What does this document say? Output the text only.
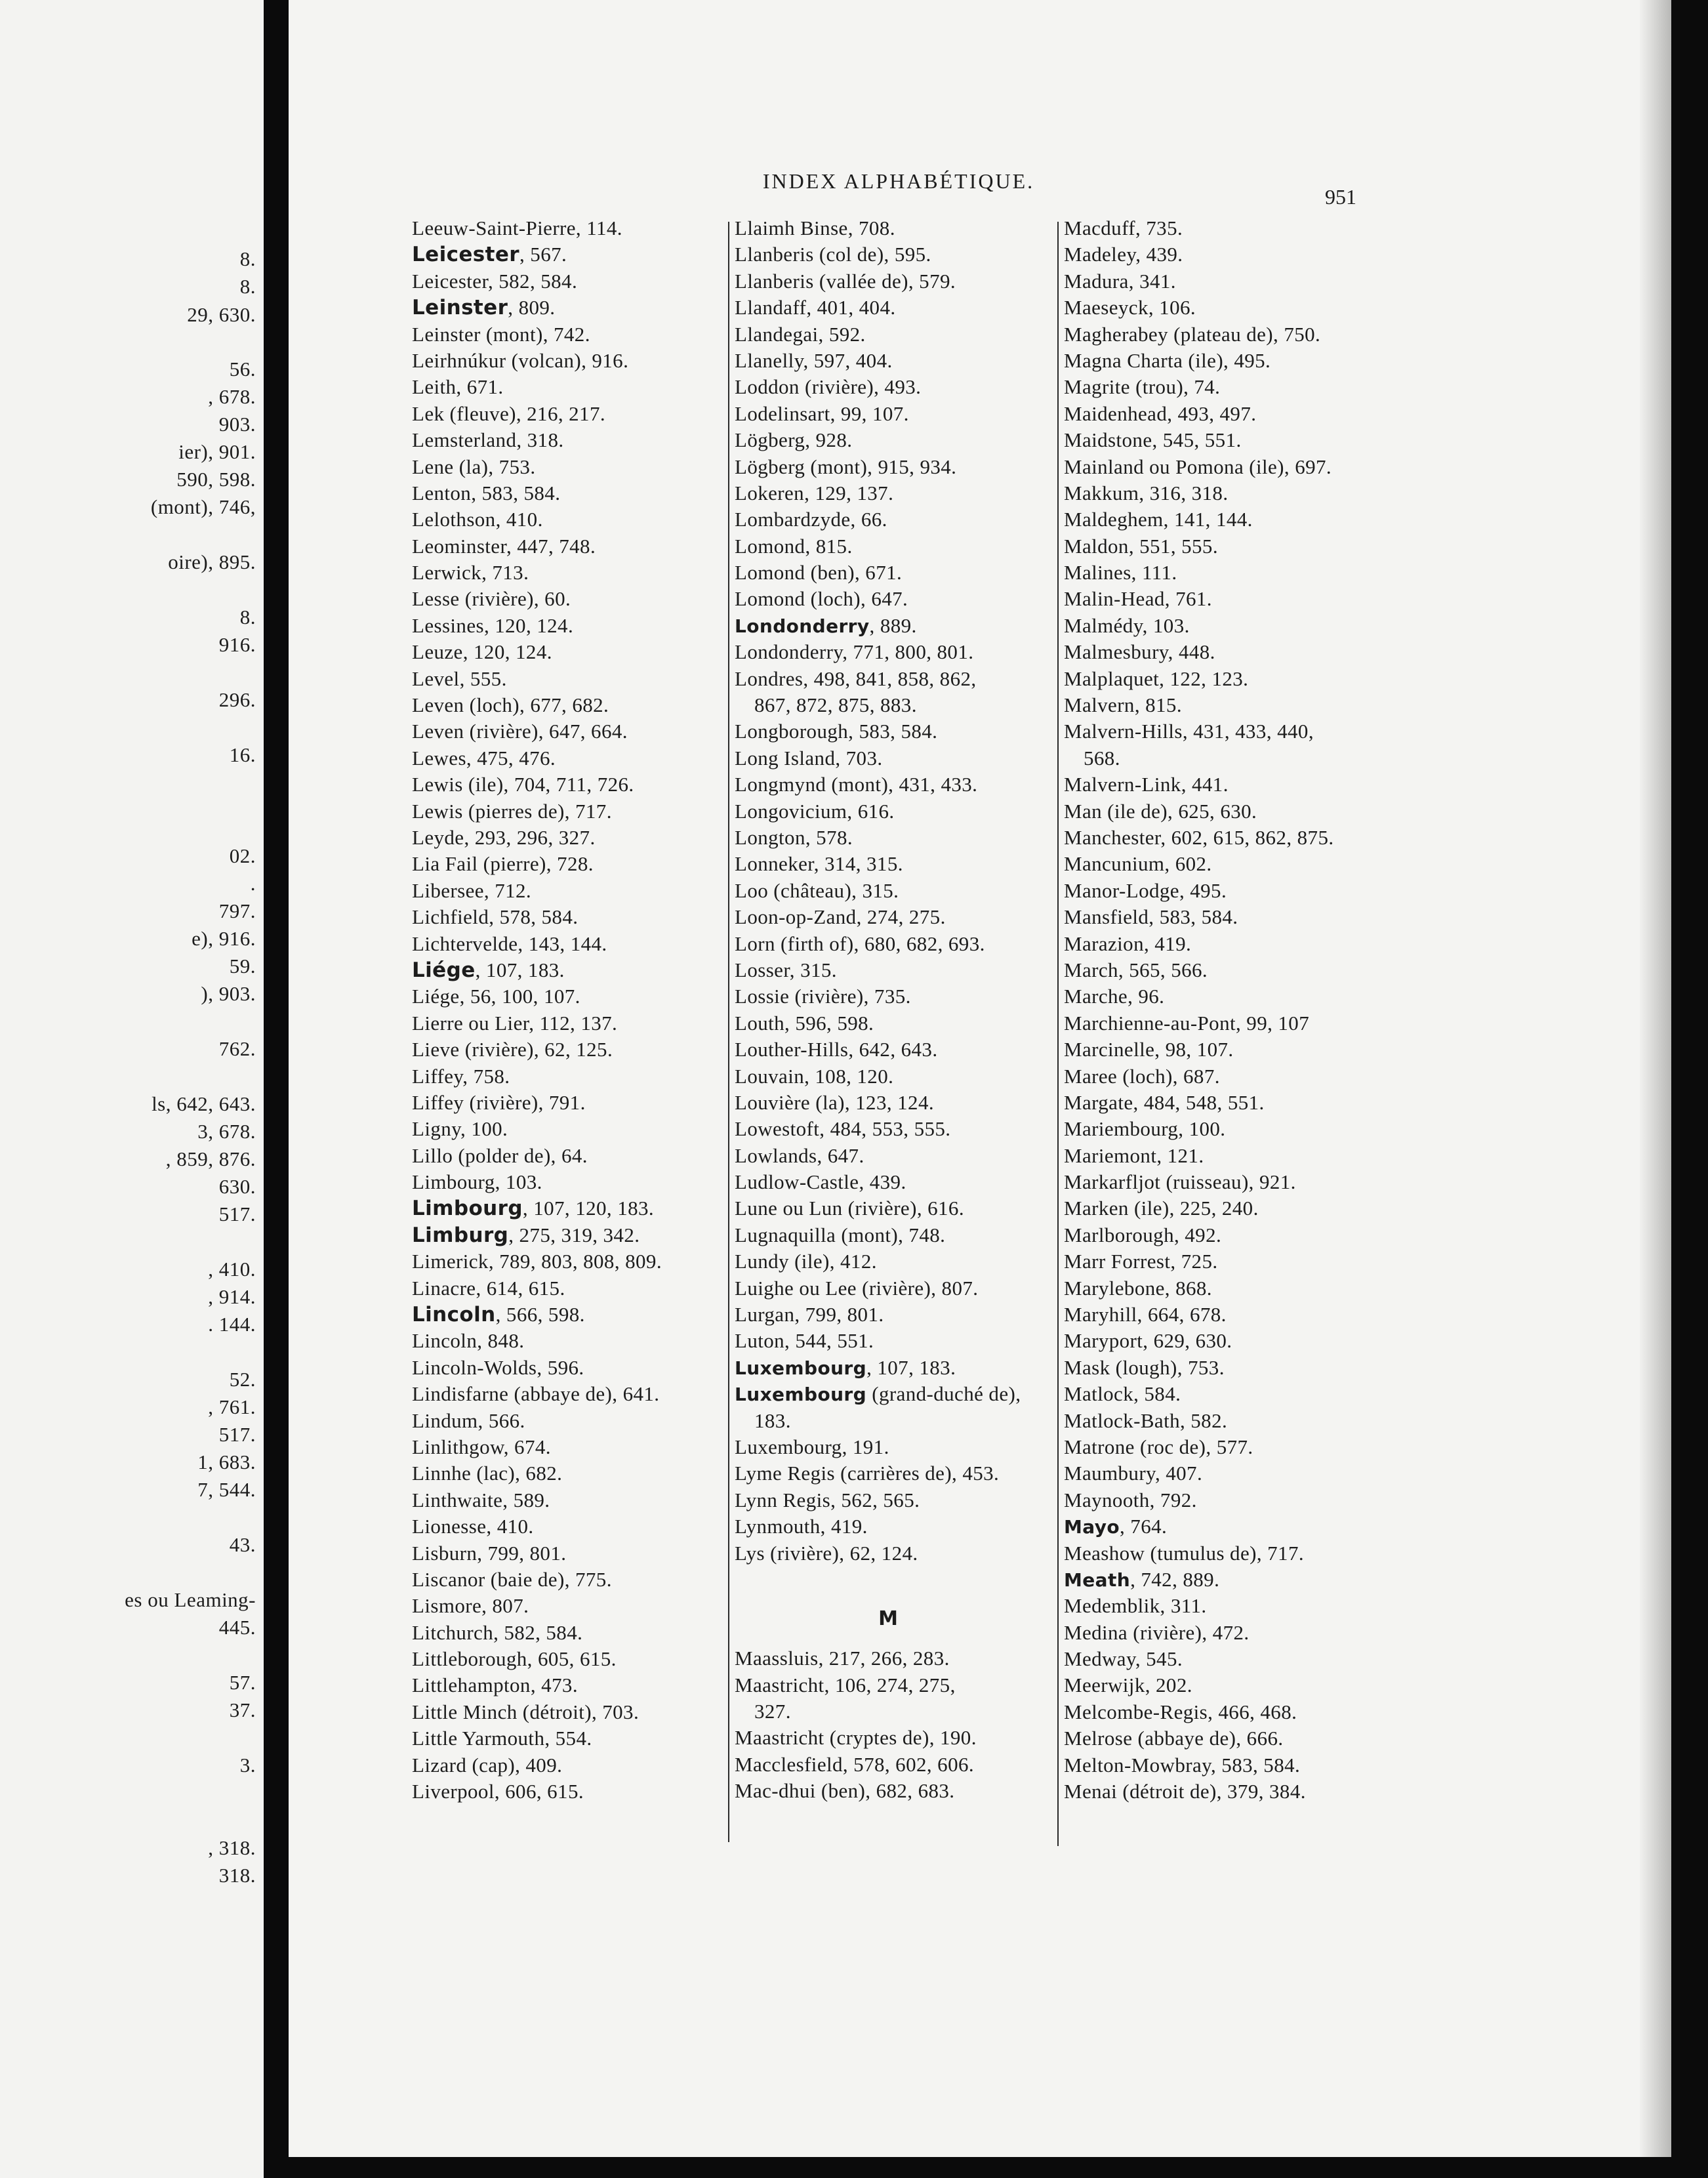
8.
8.
29, 630.
56.
, 678.
903.
ier), 901.
590, 598.
(mont), 746,
oire), 895.
8.
916.
296.
16.
02.
.
797.
e), 916.
59.
), 903.
762.
ls, 642, 643.
3, 678.
, 859, 876.
630.
517.
, 410.
, 914.
. 144.
52.
, 761.
517.
1, 683.
7, 544.
43.
es ou Leaming-
445.
57.
37.
3.
, 318.
318.
INDEX ALPHABÉTIQUE.
951
Leeuw-Saint-Pierre, 114.
Leicester, 567.
Leicester, 582, 584.
Leinster, 809.
Leinster (mont), 742.
Leirhnúkur (volcan), 916.
Leith, 671.
Lek (fleuve), 216, 217.
Lemsterland, 318.
Lene (la), 753.
Lenton, 583, 584.
Lelothson, 410.
Leominster, 447, 748.
Lerwick, 713.
Lesse (rivière), 60.
Lessines, 120, 124.
Leuze, 120, 124.
Level, 555.
Leven (loch), 677, 682.
Leven (rivière), 647, 664.
Lewes, 475, 476.
Lewis (ile), 704, 711, 726.
Lewis (pierres de), 717.
Leyde, 293, 296, 327.
Lia Fail (pierre), 728.
Libersee, 712.
Lichfield, 578, 584.
Lichtervelde, 143, 144.
Liége, 107, 183.
Liége, 56, 100, 107.
Lierre ou Lier, 112, 137.
Lieve (rivière), 62, 125.
Liffey, 758.
Liffey (rivière), 791.
Ligny, 100.
Lillo (polder de), 64.
Limbourg, 103.
Limbourg, 107, 120, 183.
Limburg, 275, 319, 342.
Limerick, 789, 803, 808, 809.
Linacre, 614, 615.
Lincoln, 566, 598.
Lincoln, 848.
Lincoln-Wolds, 596.
Lindisfarne (abbaye de), 641.
Lindum, 566.
Linlithgow, 674.
Linnhe (lac), 682.
Linthwaite, 589.
Lionesse, 410.
Lisburn, 799, 801.
Liscanor (baie de), 775.
Lismore, 807.
Litchurch, 582, 584.
Littleborough, 605, 615.
Littlehampton, 473.
Little Minch (détroit), 703.
Little Yarmouth, 554.
Lizard (cap), 409.
Liverpool, 606, 615.
Llaimh Binse, 708.
Llanberis (col de), 595.
Llanberis (vallée de), 579.
Llandaff, 401, 404.
Llandegai, 592.
Llanelly, 597, 404.
Loddon (rivière), 493.
Lodelinsart, 99, 107.
Lögberg, 928.
Lögberg (mont), 915, 934.
Lokeren, 129, 137.
Lombardzyde, 66.
Lomond, 815.
Lomond (ben), 671.
Lomond (loch), 647.
Londonderry, 889.
Londonderry, 771, 800, 801.
Londres, 498, 841, 858, 862,
867, 872, 875, 883.
Longborough, 583, 584.
Long Island, 703.
Longmynd (mont), 431, 433.
Longovicium, 616.
Longton, 578.
Lonneker, 314, 315.
Loo (château), 315.
Loon-op-Zand, 274, 275.
Lorn (firth of), 680, 682, 693.
Losser, 315.
Lossie (rivière), 735.
Louth, 596, 598.
Louther-Hills, 642, 643.
Louvain, 108, 120.
Louvière (la), 123, 124.
Lowestoft, 484, 553, 555.
Lowlands, 647.
Ludlow-Castle, 439.
Lune ou Lun (rivière), 616.
Lugnaquilla (mont), 748.
Lundy (ile), 412.
Luighe ou Lee (rivière), 807.
Lurgan, 799, 801.
Luton, 544, 551.
Luxembourg, 107, 183.
Luxembourg (grand-duché de),
183.
Luxembourg, 191.
Lyme Regis (carrières de), 453.
Lynn Regis, 562, 565.
Lynmouth, 419.
Lys (rivière), 62, 124.
M
Maassluis, 217, 266, 283.
Maastricht, 106, 274, 275,
327.
Maastricht (cryptes de), 190.
Macclesfield, 578, 602, 606.
Mac-dhui (ben), 682, 683.
Macduff, 735.
Madeley, 439.
Madura, 341.
Maeseyck, 106.
Magherabey (plateau de), 750.
Magna Charta (ile), 495.
Magrite (trou), 74.
Maidenhead, 493, 497.
Maidstone, 545, 551.
Mainland ou Pomona (ile), 697.
Makkum, 316, 318.
Maldeghem, 141, 144.
Maldon, 551, 555.
Malines, 111.
Malin-Head, 761.
Malmédy, 103.
Malmesbury, 448.
Malplaquet, 122, 123.
Malvern, 815.
Malvern-Hills, 431, 433, 440,
568.
Malvern-Link, 441.
Man (ile de), 625, 630.
Manchester, 602, 615, 862, 875.
Mancunium, 602.
Manor-Lodge, 495.
Mansfield, 583, 584.
Marazion, 419.
March, 565, 566.
Marche, 96.
Marchienne-au-Pont, 99, 107
Marcinelle, 98, 107.
Maree (loch), 687.
Margate, 484, 548, 551.
Mariembourg, 100.
Mariemont, 121.
Markarfljot (ruisseau), 921.
Marken (ile), 225, 240.
Marlborough, 492.
Marr Forrest, 725.
Marylebone, 868.
Maryhill, 664, 678.
Maryport, 629, 630.
Mask (lough), 753.
Matlock, 584.
Matlock-Bath, 582.
Matrone (roc de), 577.
Maumbury, 407.
Maynooth, 792.
Mayo, 764.
Meashow (tumulus de), 717.
Meath, 742, 889.
Medemblik, 311.
Medina (rivière), 472.
Medway, 545.
Meerwijk, 202.
Melcombe-Regis, 466, 468.
Melrose (abbaye de), 666.
Melton-Mowbray, 583, 584.
Menai (détroit de), 379, 384.
